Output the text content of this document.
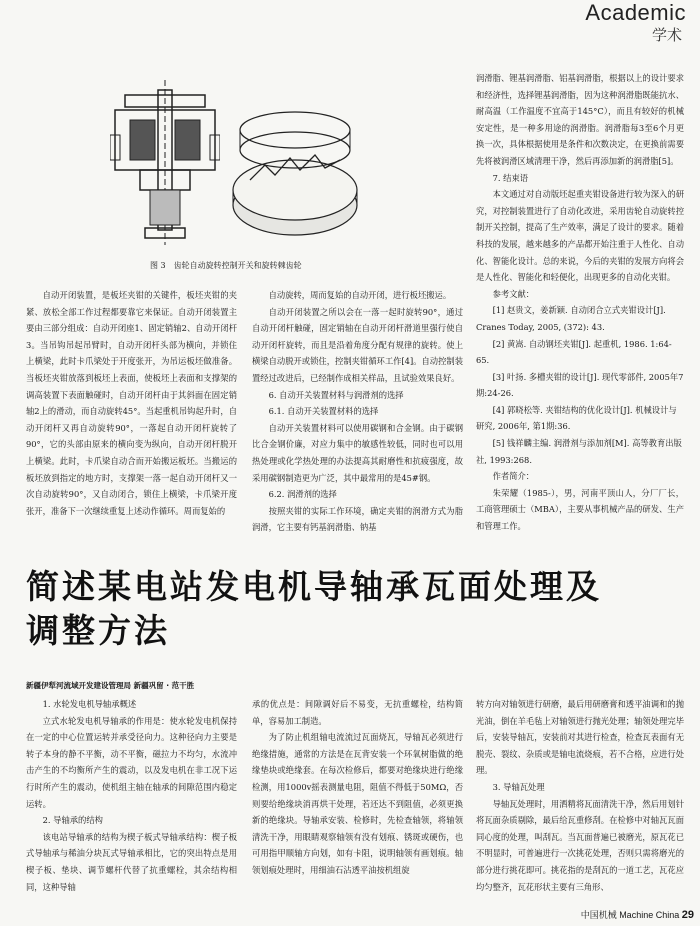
Academic
学术
图 3　齿轮自动旋转控制开关和旋转棘齿轮

自动开闭装置，是板坯夹钳的关键件，板坯夹钳的夹紧、放松全部工作过程都要靠它来保证。自动开闭装置主要由三部分组成：自动开闭座1、固定销轴2、自动开闭杆3。当吊钩吊起吊臂时，自动开闭杆头部为横向，并锁住上横梁，此时卡爪梁处于开度张开，为吊运板坯做准备。当板坯夹钳放落到板坯上表面，使板坯上表面和支撑架的调高装置下表面触碰时，自动开闭杆由于其斜面在固定销轴2上的滑动，而自动旋转45°。当起重机吊钩起升时，自动开闭杆又再自动旋转90°，一落起自动开闭杆旋转了90°，它的头部由原来的横向变为纵向，自动开闭杆脱开上横梁。此时，卡爪梁自动合而开始搬运板坯。当搬运的板坯放到指定的地方时，支撑架一落一起自动开闭杆又一次自动旋转90°，又自动闭合，锁住上横梁，卡爪梁开度张开，准备下一次继续重复上述动作循环。周而复始的

自动旋转，周而复始的自动开闭，进行板坯搬运。

自动开闭装置之所以会在一落一起时旋转90°，通过自动开闭杆触碰，固定销轴在自动开闭杆滑道里强行使自动开闭杆旋转，而且是沿着角度分配有规律的旋转。使上横梁自动脱开或锁住，控制夹钳循环工作[4]。自动控制装置经过改进后，已经制作成相关样品，且试验效果良好。

6. 自动开关装置材料与润滑剂的选择

6.1. 自动开关装置材料的选择

自动开关装置材料可以使用碳钢和合金钢。由于碳钢比合金钢价廉，对应力集中的敏感性较低，同时也可以用热处理或化学热处理的办法提高其耐磨性和抗疲强度，故采用碳钢制造更为广泛，其中最常用的是45#钢。

6.2. 润滑剂的选择

按照夹钳的实际工作环境，确定夹钳的润滑方式为脂润滑，它主要有钙基润滑脂、钠基

润滑脂、锂基润滑脂、铝基润滑脂，根据以上的设计要求和经济性，选择锂基润滑脂，因为这种润滑脂既能抗水、耐高温（工作温度不宜高于145°C），而且有较好的机械安定性，是一种多用途的润滑脂。润滑脂每3至6个月更换一次，具体根据使用是条件和次数决定，在更换前需要先将被润滑区域清理干净，然后再添加新的润滑脂[5]。

7. 结束语

本文通过对自动版坯起重夹钳设备进行较为深入的研究，对控制装置进行了自动化改进，采用齿轮自动旋转控制开关控制，提高了生产效率，满足了设计的要求。随着科技的发展，越来越多的产品都开始注重于人性化、自动化、智能化设计。总的来说，今后的夹钳的发展方向将会是人性化、智能化和轻便化，出现更多的自动化夹钳。

参考文献：

[1] 赵贵文，姜新颖. 自动闭合立式夹钳设计[J]. Cranes Today, 2005, (372): 43.

[2] 黄嵩. 自动钢坯夹钳[J]. 起重机, 1986. 1:64-65.

[3] 叶扬. 多槽夹钳的设计[J]. 现代零部件, 2005年7期:24-26.

[4] 郭晓松等. 夹钳结构的优化设计[J]. 机械设计与研究, 2006年, 第1期:36.

[5] 钱祥麟主编. 润滑剂与添加剂[M]. 高等教育出版社, 1993:268.

作者简介：

朱荣耀（1985-），男，河南平顶山人，分厂厂长，工商管理硕士（MBA），主要从事机械产品的研发、生产和管理工作。

简述某电站发电机导轴承瓦面处理及
调整方法
新疆伊犁河流域开发建设管理局 新疆巩留 · 范干胜

1. 水轮发电机导轴承概述

立式水轮发电机导轴承的作用是：使水轮发电机保持在一定的中心位置运转并承受径向力。这种径向力主要是转子本身的静不平衡，动不平衡，磁拉力不均匀，水流冲击产生的不均衡所产生的震动，以及发电机在非工况下运行时所产生的震动，使机组主轴在轴承的间隙范围内稳定运转。

2. 导轴承的结构

该电站导轴承的结构为楔子板式导轴承结构：楔子板式导轴承与稀油分块瓦式导轴承相比，它的突出特点是用楔子板、垫块、调节螺杆代替了抗重螺栓，其余结构相同，这种导轴

承的优点是：间隙调好后不易变，无抗重螺栓，结构简单，容易加工制造。

为了防止机组轴电流流过瓦面烧瓦，导轴瓦必须进行绝缘措施，通常的方法是在瓦背安装一个环氧树脂做的绝缘垫块或绝缘套。在每次检修后，都要对绝缘块进行绝缘检测，用1000v摇表测量电阻，阻值不得低于50MΩ，否则要给绝缘块消再烘干处理，若还达不到阻值，必须更换新的绝缘块。导轴承安装、检修时，先检查轴领，将轴领清洗干净，用眼睛观察轴领有没有划痕、锈斑或硬伤，也可用指甲顺轴方向划，如有卡阻，说明轴领有画划痕。轴领划痕处理时，用细油石沾透平油按机组旋

转方向对轴领进行研磨，最后用研磨膏和透平油调和的抛光油，倒在羊毛毡上对轴领进行抛光处理；轴领处理完毕后，安装导轴瓦，安装前对其进行检查，检查瓦表面有无脱壳、裂纹、杂质或是轴电流烧痕，若不合格，应进行处理。

3. 导轴瓦处理

导轴瓦处理时，用洒精将瓦面清洗干净，然后用划针将瓦面杂质剔除，最后给瓦重修刮。在检修中对轴瓦瓦面同心度的处理，叫刮瓦。当瓦面普遍已被磨光，原瓦花已不明显时，可普遍进行一次挑花处理，否则只需将磨光的部分进行挑花即可。挑花指的是刮瓦的一道工艺，瓦花应均匀整齐，瓦花形状主要有三角形、

中国机械 Machine China 29
